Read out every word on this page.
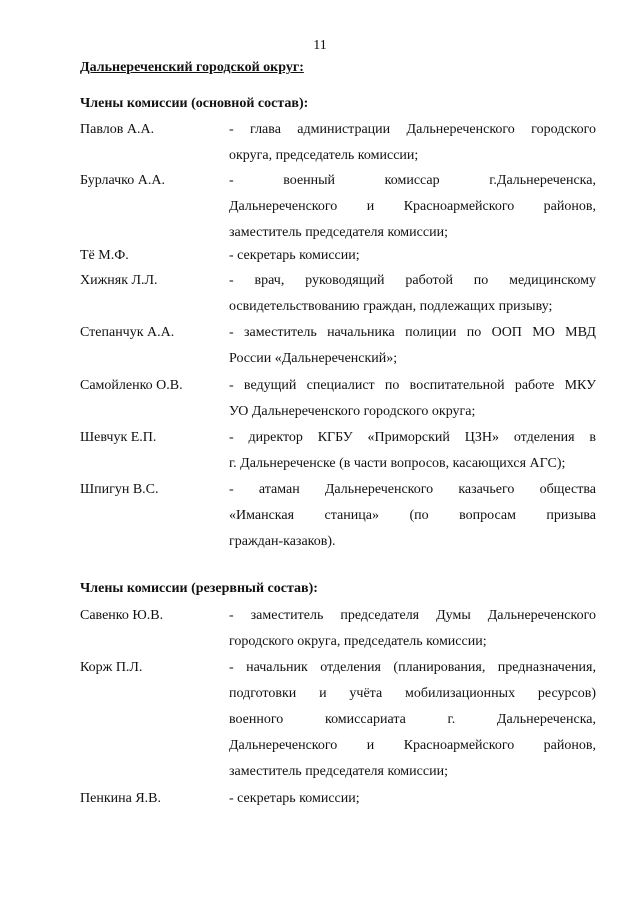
11
Дальнереченский городской округ:
Члены комиссии (основной состав):
Павлов А.А.	- глава администрации Дальнереченского городского
округа, председатель комиссии;
Бурлачко А.А.	- военный комиссар г.Дальнереченска,
Дальнереченского и Красноармейского районов,
заместитель председателя комиссии;
Тё М.Ф.	- секретарь комиссии;
Хижняк Л.Л.	- врач, руководящий работой по медицинскому
освидетельствованию граждан, подлежащих призыву;
Степанчук А.А.	- заместитель начальника полиции по ООП МО МВД
России «Дальнереченский»;
Самойленко О.В.	- ведущий специалист по воспитательной работе МКУ
УО Дальнереченского городского округа;
Шевчук Е.П.	- директор КГБУ «Приморский ЦЗН» отделения в
г. Дальнереченске (в части вопросов, касающихся АГС);
Шпигун В.С.	- атаман Дальнереченского казачьего общества
«Иманская станица» (по вопросам призыва
граждан-казаков).
Члены комиссии (резервный состав):
Савенко Ю.В.	- заместитель председателя Думы Дальнереченского
городского округа, председатель комиссии;
Корж П.Л.	- начальник отделения (планирования, предназначения,
подготовки и учёта мобилизационных ресурсов)
военного комиссариата г. Дальнереченска,
Дальнереченского и Красноармейского районов,
заместитель председателя комиссии;
Пенкина Я.В.	- секретарь комиссии;
